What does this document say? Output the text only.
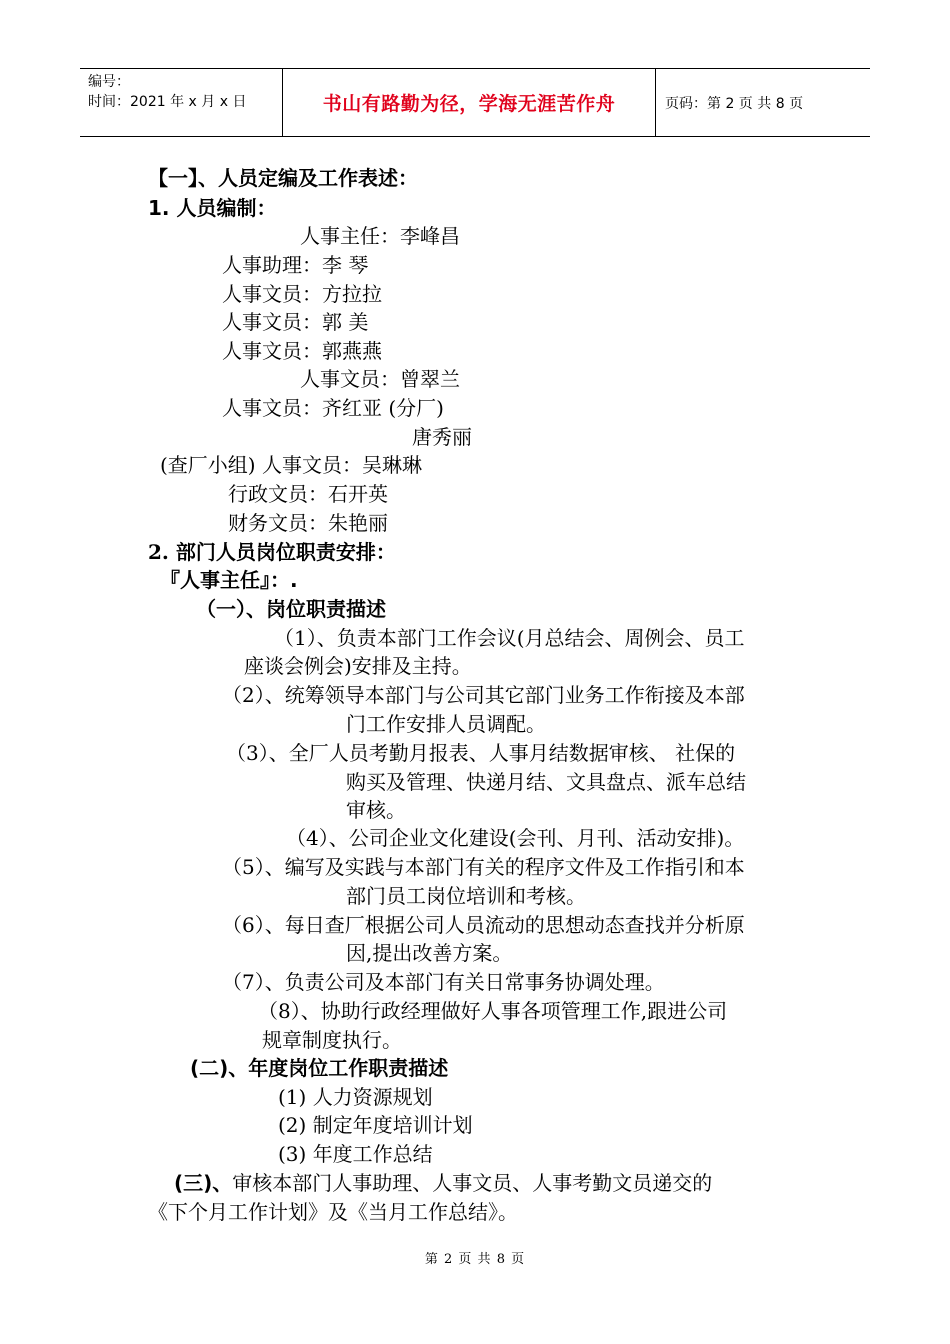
编号：
时间：2021 年 x 月 x 日	书山有路勤为径，学海无涯苦作舟	页码：第 2 页 共 8 页
【一】、人员定编及工作表述：
1. 人员编制：
人事主任：李峰昌
人事助理：李 琴
人事文员：方拉拉
人事文员：郭 美
人事文员：郭燕燕
人事文员：曾翠兰
人事文员：齐红亚 (分厂)
唐秀丽
(查厂小组) 人事文员：吴琳琳
行政文员：石开英
财务文员：朱艳丽
2. 部门人员岗位职责安排：
『人事主任』：.
（一）、岗位职责描述
（1）、负责本部门工作会议(月总结会、周例会、员工
座谈会例会)安排及主持。
（2）、统筹领导本部门与公司其它部门业务工作衔接及本部
门工作安排人员调配。
（3）、全厂人员考勤月报表、人事月结数据审核、 社保的
购买及管理、快递月结、文具盘点、派车总结
审核。
（4）、公司企业文化建设(会刊、月刊、活动安排)。
（5）、编写及实践与本部门有关的程序文件及工作指引和本
部门员工岗位培训和考核。
（6）、每日查厂根据公司人员流动的思想动态查找并分析原
因,提出改善方案。
（7）、负责公司及本部门有关日常事务协调处理。
（8）、协助行政经理做好人事各项管理工作,跟进公司
规章制度执行。
(二)、年度岗位工作职责描述
(1) 人力资源规划
(2) 制定年度培训计划
(3) 年度工作总结
(三)、审核本部门人事助理、人事文员、人事考勤文员递交的
《下个月工作计划》及《当月工作总结》。
第 2 页 共 8 页
